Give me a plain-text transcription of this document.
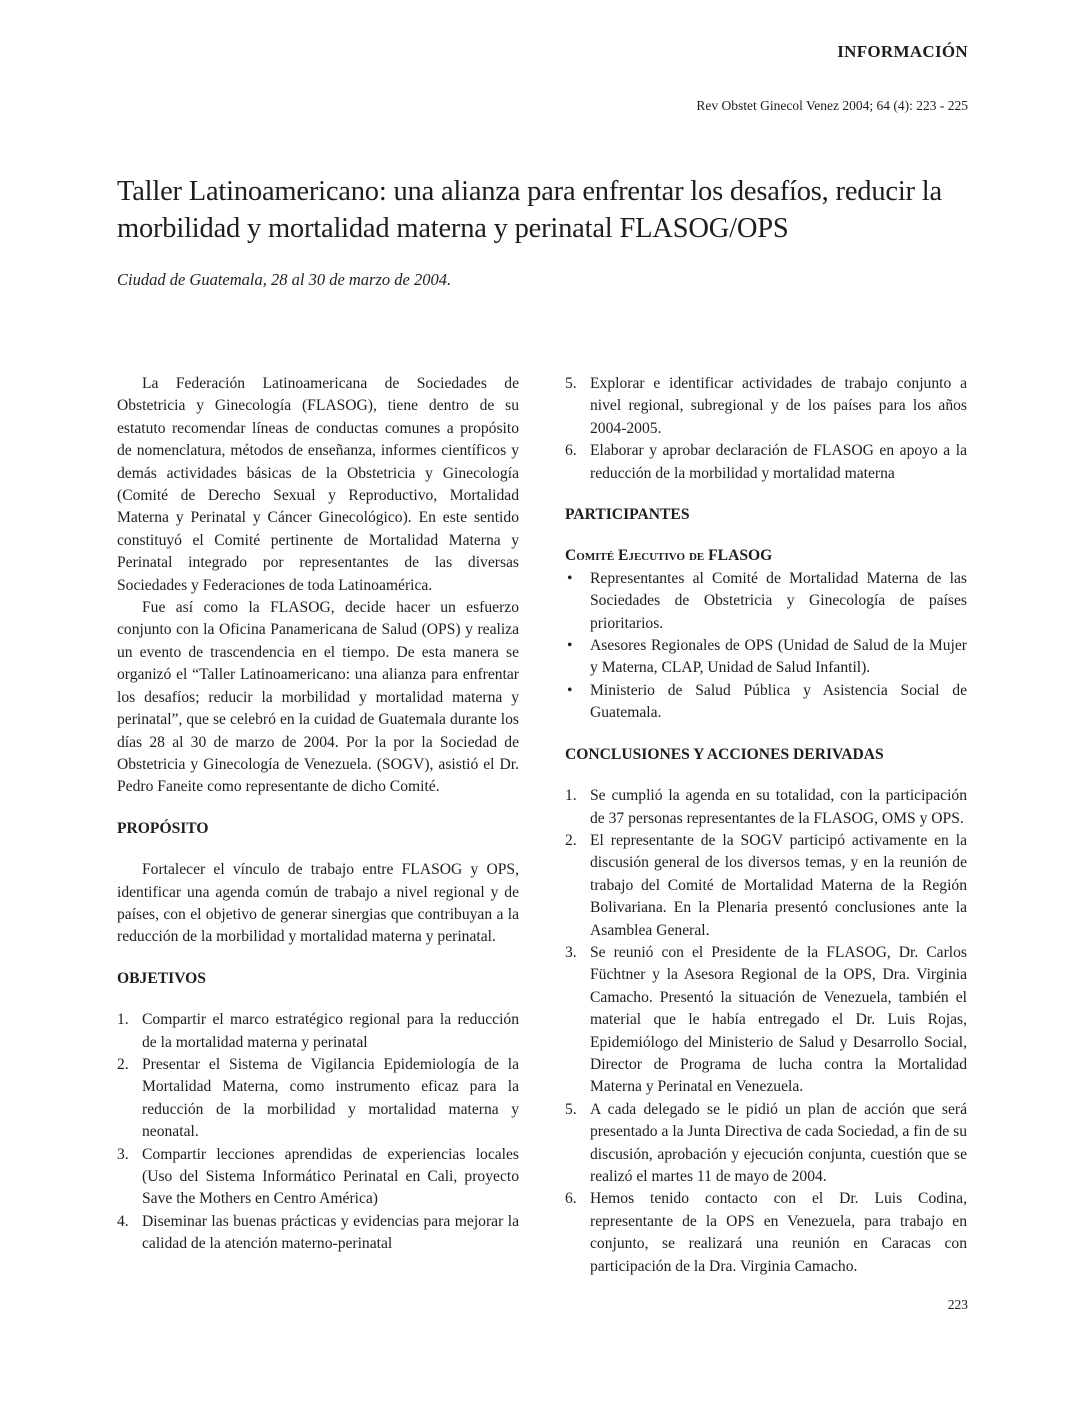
INFORMACIÓN
Rev Obstet Ginecol Venez 2004; 64 (4): 223 - 225
Taller Latinoamericano: una alianza para enfrentar los desafíos, reducir la morbilidad y mortalidad materna y perinatal FLASOG/OPS
Ciudad de Guatemala, 28 al 30 de marzo de 2004.

La Federación Latinoamericana de Sociedades de Obstetricia y Ginecología (FLASOG), tiene dentro de su estatuto recomendar líneas de conductas comunes a propósito de nomenclatura, métodos de enseñanza, informes científicos y demás actividades básicas de la Obstetricia y Ginecología (Comité de Derecho Sexual y Reproductivo, Mortalidad Materna y Perinatal y Cáncer Ginecológico). En este sentido constituyó el Comité pertinente de Mortalidad Materna y Perinatal integrado por representantes de las diversas Sociedades y Federaciones de toda Latinoamérica.

Fue así como la FLASOG, decide hacer un esfuerzo conjunto con la Oficina Panamericana de Salud (OPS) y realiza un evento de trascendencia en el tiempo. De esta manera se organizó el “Taller Latinoamericano: una alianza para enfrentar los desafíos; reducir la morbilidad y mortalidad materna y perinatal”, que se celebró en la cuidad de Guatemala durante los días 28 al 30 de marzo de 2004. Por la por la Sociedad de Obstetricia y Ginecología de Venezuela. (SOGV), asistió el Dr. Pedro Faneite como representante de dicho Comité.

PROPÓSITO

Fortalecer el vínculo de trabajo entre FLASOG y OPS, identificar una agenda común de trabajo a nivel regional y de países, con el objetivo de generar sinergias que contribuyan a la reducción de la morbilidad y mortalidad materna y perinatal.

OBJETIVOS
1. Compartir el marco estratégico regional para la reducción de la mortalidad materna y perinatal
2. Presentar el Sistema de Vigilancia Epidemiología de la Mortalidad Materna, como instrumento eficaz para la reducción de la morbilidad y mortalidad materna y neonatal.
3. Compartir lecciones aprendidas de experiencias locales (Uso del Sistema Informático Perinatal en Cali, proyecto Save the Mothers en Centro América)
4. Diseminar las buenas prácticas y evidencias para mejorar la calidad de la atención materno-perinatal
5. Explorar e identificar actividades de trabajo conjunto a nivel regional, subregional y de los países para los años 2004-2005.
6. Elaborar y aprobar declaración de FLASOG en apoyo a la reducción de la morbilidad y mortalidad materna
PARTICIPANTES
Comité Ejecutivo de FLASOG
• Representantes al Comité de Mortalidad Materna de las Sociedades de Obstetricia y Ginecología de países prioritarios.
• Asesores Regionales de OPS (Unidad de Salud de la Mujer y Materna, CLAP, Unidad de Salud Infantil).
• Ministerio de Salud Pública y Asistencia Social de Guatemala.
CONCLUSIONES Y ACCIONES DERIVADAS
1. Se cumplió la agenda en su totalidad, con la participación de 37 personas representantes de la FLASOG, OMS y OPS.
2. El representante de la SOGV participó activamente en la discusión general de los diversos temas, y en la reunión de trabajo del Comité de Mortalidad Materna de la Región Bolivariana. En la Plenaria presentó conclusiones ante la Asamblea General.
3. Se reunió con el Presidente de la FLASOG, Dr. Carlos Füchtner y la Asesora Regional de la OPS, Dra. Virginia Camacho. Presentó la situación de Venezuela, también el material que le había entregado el Dr. Luis Rojas, Epidemiólogo del Ministerio de Salud y Desarrollo Social, Director de Programa de lucha contra la Mortalidad Materna y Perinatal en Venezuela.
5. A cada delegado se le pidió un plan de acción que será presentado a la Junta Directiva de cada Sociedad, a fin de su discusión, aprobación y ejecución conjunta, cuestión que se realizó el martes 11 de mayo de 2004.
6. Hemos tenido contacto con el Dr. Luis Codina, representante de la OPS en Venezuela, para trabajo en conjunto, se realizará una reunión en Caracas con participación de la Dra. Virginia Camacho.
223
